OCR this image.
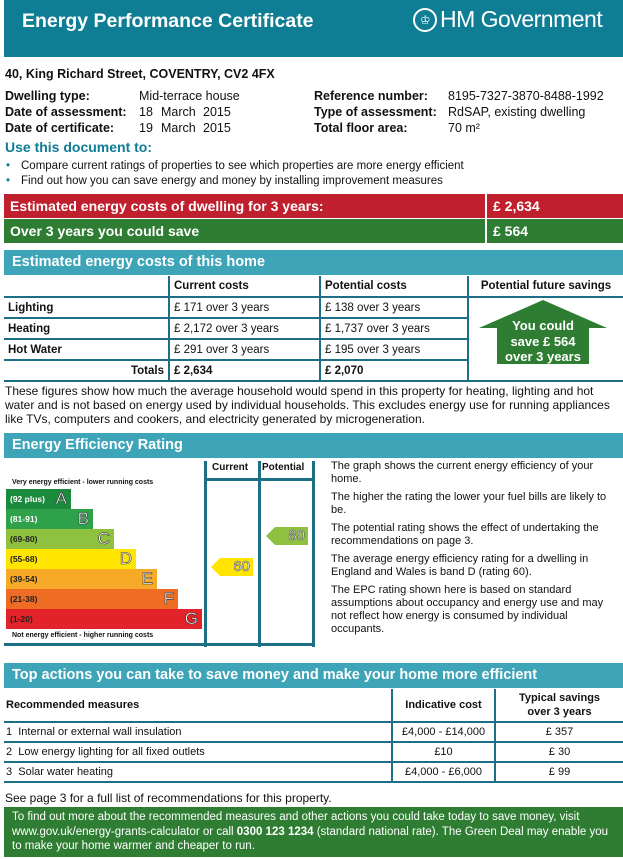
Energy Performance Certificate	♔ HM Government
40, King Richard Street, COVENTRY, CV2 4FX
Dwelling type:	Mid-terrace house
Date of assessment: 18 March 2015
Date of certificate: 19 March 2015
Reference number: 8195-7327-3870-8488-1992
Type of assessment: RdSAP, existing dwelling
Total floor area:	70 m²
Use this document to:
• Compare current ratings of properties to see which properties are more energy efficient
• Find out how you can save energy and money by installing improvement measures
Estimated energy costs of dwelling for 3 years:	£ 2,634
Over 3 years you could save	£ 564
Estimated energy costs of this home
	Current costs	Potential costs	Potential future savings
Lighting	£ 171 over 3 years	£ 138 over 3 years	You could
save £ 564
over 3 years

Heating	£ 2,172 over 3 years	£ 1,737 over 3 years	
Hot Water	£ 291 over 3 years	£ 195 over 3 years	
Totals	£ 2,634	£ 2,070	
These figures show how much the average household would spend in this property for heating, lighting and hot water and is not based on energy used by individual households. This excludes energy use for running appliances like TVs, computers and cookers, and electricity generated by microgeneration.
Energy Efficiency Rating
Very energy efficient - lower running costs
Not energy efficient - higher running costs
Current Potential
(92 plus) A
(81-91) B
(69-80)	C
(55-68)	D
(39-54)	E
(21-38)	F
(1-20)	G
60
80

The graph shows the current energy efficiency of your home.

The higher the rating the lower your fuel bills are likely to be.

The potential rating shows the effect of undertaking the recommendations on page 3.

The average energy efficiency rating for a dwelling in England and Wales is band D (rating 60).

The EPC rating shown here is based on standard assumptions about occupancy and energy use and may not reflect how energy is consumed by individual occupants.

Top actions you can take to save money and make your home more efficient
Recommended measures	Indicative cost	Typical savings
over 3 years

1 Internal or external wall insulation	£4,000 - £14,000	£ 357
2 Low energy lighting for all fixed outlets	£10	£ 30
3 Solar water heating	£4,000 - £6,000	£ 99
See page 3 for a full list of recommendations for this property.
To find out more about the recommended measures and other actions you could take today to save money, visit www.gov.uk/energy-grants-calculator or call 0300 123 1234 (standard national rate). The Green Deal may enable you to make your home warmer and cheaper to run.
